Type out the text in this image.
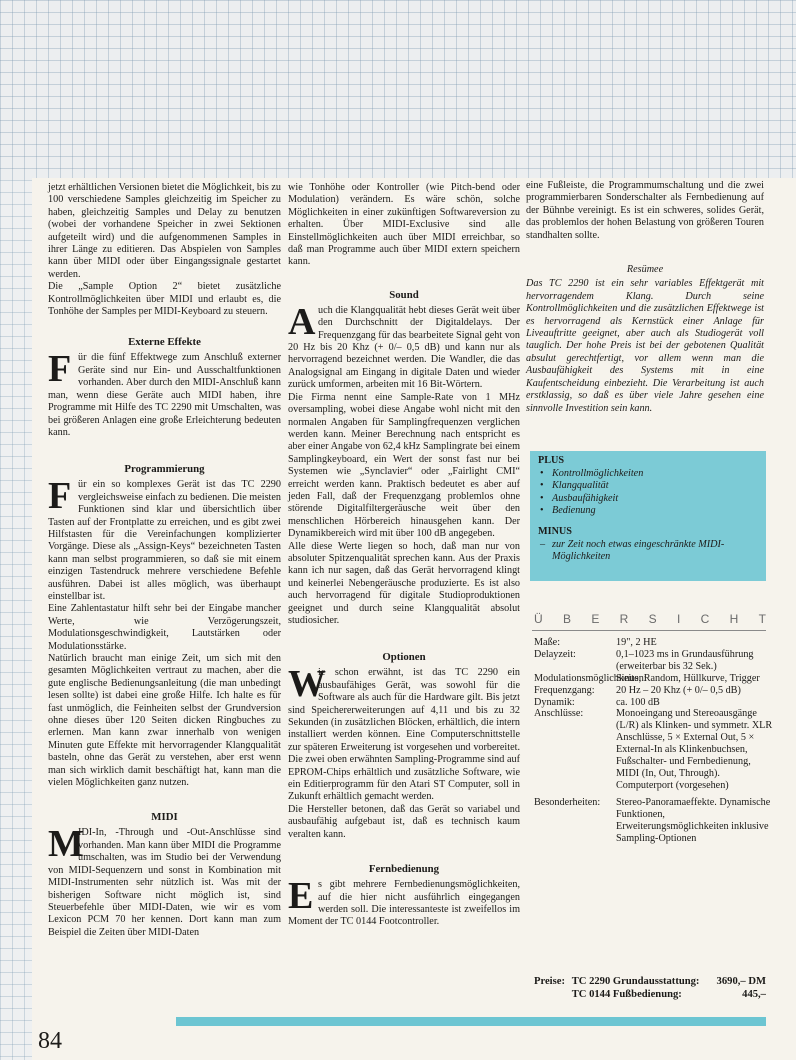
jetzt erhältlichen Versionen bietet die Möglichkeit, bis zu 100 verschiedene Samples gleichzeitig im Speicher zu haben, gleichzeitig Samples und Delay zu benutzen (wobei der vorhandene Speicher in zwei Sektionen aufgeteilt wird) und die aufgenommenen Samples in ihrer Länge zu editieren. Das Abspielen von Samples kann über MIDI oder über Eingangssignale gestartet werden.

Die „Sample Option 2“ bietet zusätzliche Kontrollmöglichkeiten über MIDI und erlaubt es, die Tonhöhe der Samples per MIDI-Keyboard zu steuern.

Externe Effekte

Für die fünf Effektwege zum Anschluß externer Geräte sind nur Ein- und Ausschaltfunktionen vorhanden. Aber durch den MIDI-Anschluß kann man, wenn diese Geräte auch MIDI haben, ihre Programme mit Hilfe des TC 2290 mit Umschalten, was bei größeren Anlagen eine große Erleichterung bedeuten kann.

Programmierung

Für ein so komplexes Gerät ist das TC 2290 vergleichsweise einfach zu bedienen. Die meisten Funktionen sind klar und übersichtlich über Tasten auf der Frontplatte zu erreichen, und es gibt zwei Hilfstasten für die Vereinfachungen komplizierter Vorgänge. Diese als „Assign-Keys“ bezeichneten Tasten kann man selbst programmieren, so daß sie mit einem einzigen Tastendruck mehrere verschiedene Befehle ausführen. Dabei ist alles möglich, was überhaupt einstellbar ist.

Eine Zahlentastatur hilft sehr bei der Eingabe mancher Werte, wie Verzögerungszeit, Modulationsgeschwindigkeit, Lautstärken oder Modulationsstärke.

Natürlich braucht man einige Zeit, um sich mit den gesamten Möglichkeiten vertraut zu machen, aber die gute englische Bedienungsanleitung (die man unbedingt lesen sollte) ist dabei eine große Hilfe. Ich halte es für fast unmöglich, die Feinheiten selbst der Grundversion ohne dieses über 120 Seiten dicken Ringbuches zu erlernen. Man kann zwar innerhalb von wenigen Minuten gute Effekte mit hervorragender Klangqualität basteln, ohne das Gerät zu verstehen, aber erst wenn man sich wirklich damit beschäftigt hat, kann man die vielen Möglichkeiten ganz nutzen.

MIDI

M
IDI-In, -Through und -Out-Anschlüsse sind vorhanden. Man kann über MIDI die Programme umschalten, was im Studio bei der Verwendung von MIDI-Sequenzern und sonst in Kombination mit MIDI-Instrumenten sehr nützlich ist. Was mit der bisherigen Software nicht möglich ist, sind Steuerbefehle über MIDI-Daten, wie wir es vom Lexicon PCM 70 her kennen. Dort kann man zum Beispiel die Zeiten über MIDI-Daten

wie Tonhöhe oder Kontroller (wie Pitch-bend oder Modulation) verändern. Es wäre schön, solche Möglichkeiten in einer zukünftigen Softwareversion zu erhalten. Über MIDI-Exclusive sind alle Einstellmöglichkeiten auch über MIDI erreichbar, so daß man Programme auch über MIDI extern speichern kann.

Sound

Auch die Klangqualität hebt dieses Gerät weit über den Durchschnitt der Digitaldelays. Der Frequenzgang für das bearbeitete Signal geht von 20 Hz bis 20 Khz (+ 0/– 0,5 dB) und kann nur als hervorragend bezeichnet werden. Die Wandler, die das Analogsignal am Eingang in digitale Daten und wieder zurück umformen, arbeiten mit 16 Bit-Wörtern.

Die Firma nennt eine Sample-Rate von 1 MHz oversampling, wobei diese Angabe wohl nicht mit den normalen Angaben für Samplingfrequenzen verglichen werden kann. Meiner Berechnung nach entspricht es aber einer Angabe von 62,4 kHz Samplingrate bei einem Samplingkeyboard, ein Wert der sonst fast nur bei Systemen wie „Synclavier“ oder „Fairlight CMI“ erreicht werden kann. Praktisch bedeutet es aber auf jeden Fall, daß der Frequenzgang problemlos ohne störende Digitalfiltergeräusche weit über den menschlichen Hörbereich hinausgehen kann. Der Dynamikbereich wird mit über 100 dB angegeben.

Alle diese Werte liegen so hoch, daß man nur von absoluter Spitzenqualität sprechen kann. Aus der Praxis kann ich nur sagen, daß das Gerät hervorragend klingt und keinerlei Nebengeräusche produzierte. Es ist also auch hervorragend für digitale Studioproduktionen geeignet und durch seine Klangqualität absolut studiosicher.

Optionen

W
ie schon erwähnt, ist das TC 2290 ein ausbaufähiges Gerät, was sowohl für die Software als auch für die Hardware gilt. Bis jetzt sind Speichererweiterungen auf 4,11 und bis zu 32 Sekunden (in zusätzlichen Blöcken, erhältlich, die intern installiert werden können. Eine Computerschnittstelle zur späteren Erweiterung ist vorgesehen und vorbereitet. Die zwei oben erwähnten Sampling-Programme sind auf EPROM-Chips erhältlich und zusätzliche Software, wie ein Editierprogramm für den Atari ST Computer, soll in Zukunft erhältlich gemacht werden.

Die Hersteller betonen, daß das Gerät so variabel und ausbaufähig aufgebaut ist, daß es technisch kaum veralten kann.

Fernbedienung

Es gibt mehrere Fernbedienungsmöglichkeiten, auf die hier nicht ausführlich eingegangen werden soll. Die interessanteste ist zweifellos im Moment der TC 0144 Footcontroller.

eine Fußleiste, die Programmumschaltung und die zwei programmierbaren Sonderschalter als Fernbedienung auf der Bühnbe vereinigt. Es ist ein schweres, solides Gerät, das problemlos der hohen Belastung von größeren Touren standhalten sollte.

Resümee

Das TC 2290 ist ein sehr variables Effektgerät mit hervorragendem Klang. Durch seine Kontrollmöglichkeiten und die zusätzlichen Effektwege ist es hervorragend als Kernstück einer Anlage für Liveauftritte geeignet, aber auch als Studiogerät voll tauglich. Der hohe Preis ist bei der gebotenen Qualität absulut gerechtfertigt, vor allem wenn man die Ausbaufähigkeit des Systems mit in eine Kaufentscheidung einbezieht. Die Verarbeitung ist auch erstklassig, so daß es über viele Jahre gesehen eine sinnvolle Investition sein kann.

PLUS
• Kontrollmöglichkeiten
• Klangqualität
• Ausbaufähigkeit
• Bedienung
MINUS
– zur Zeit noch etwas eingeschränkte MIDI-Möglichkeiten
Ü B E R S I C H T
Maße:	19", 2 HE
Delayzeit:	0,1–1023 ms in Grundausführung (erweiterbar bis 32 Sek.)
Modulationsmöglichkeiten:
Sinus, Random, Hüllkurve, Trigger
Frequenzgang:	20 Hz – 20 Khz (+ 0/– 0,5 dB)
Dynamik:	ca. 100 dB
Anschlüsse:	Monoeingang und Stereoausgänge (L/R) als Klinken- und symmetr. XLR Anschlüsse, 5 × External Out, 5 × External-In als Klinkenbuchsen, Fußschalter- und Fernbedienung, MIDI (In, Out, Through). Computerport (vorgesehen)
Besonderheiten:	Stereo-Panoramaeffekte. Dynamische Funktionen, Erweiterungsmöglichkeiten inklusive Sampling-Optionen
Preise: TC 2290 Grundausstattung:	3690,– DM
TC 0144 Fußbedienung:	445,–
84
